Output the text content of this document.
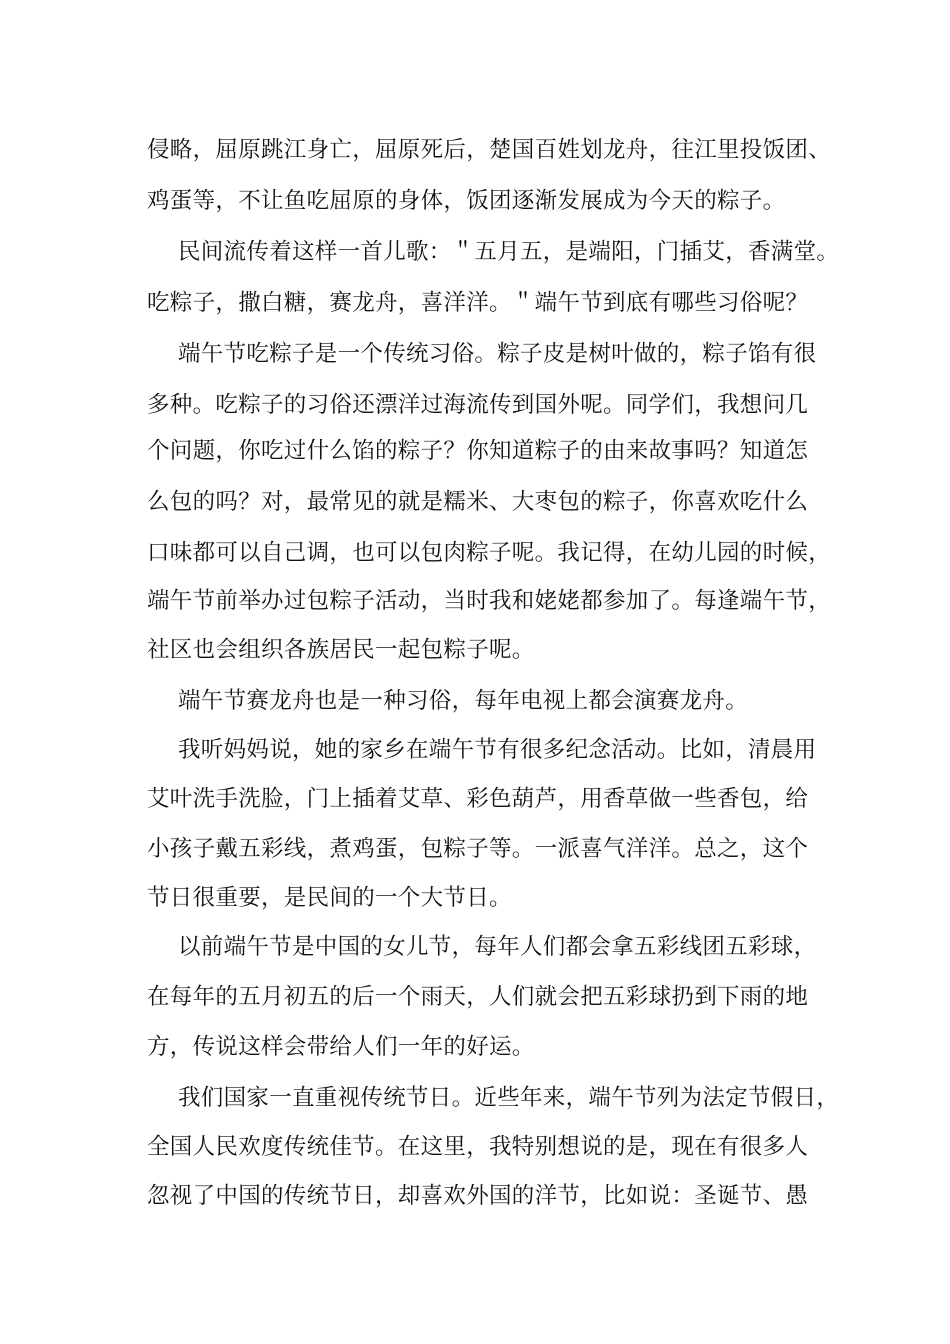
侵略，屈原跳江身亡，屈原死后，楚国百姓划龙舟，往江里投饭团、
鸡蛋等，不让鱼吃屈原的身体，饭团逐渐发展成为今天的粽子。
民间流传着这样一首儿歌：＂五月五，是端阳，门插艾，香满堂。
吃粽子，撒白糖，赛龙舟，喜洋洋。＂端午节到底有哪些习俗呢？
端午节吃粽子是一个传统习俗。粽子皮是树叶做的，粽子馅有很
多种。吃粽子的习俗还漂洋过海流传到国外呢。同学们，我想问几
个问题，你吃过什么馅的粽子？你知道粽子的由来故事吗？知道怎
么包的吗？对，最常见的就是糯米、大枣包的粽子，你喜欢吃什么
口味都可以自己调，也可以包肉粽子呢。我记得，在幼儿园的时候，
端午节前举办过包粽子活动，当时我和姥姥都参加了。每逢端午节，
社区也会组织各族居民一起包粽子呢。
端午节赛龙舟也是一种习俗，每年电视上都会演赛龙舟。
我听妈妈说，她的家乡在端午节有很多纪念活动。比如，清晨用
艾叶洗手洗脸，门上插着艾草、彩色葫芦，用香草做一些香包，给
小孩子戴五彩线，煮鸡蛋，包粽子等。一派喜气洋洋。总之，这个
节日很重要，是民间的一个大节日。
以前端午节是中国的女儿节，每年人们都会拿五彩线团五彩球，
在每年的五月初五的后一个雨天，人们就会把五彩球扔到下雨的地
方，传说这样会带给人们一年的好运。
我们国家一直重视传统节日。近些年来，端午节列为法定节假日，
全国人民欢度传统佳节。在这里，我特别想说的是，现在有很多人
忽视了中国的传统节日，却喜欢外国的洋节，比如说：圣诞节、愚
